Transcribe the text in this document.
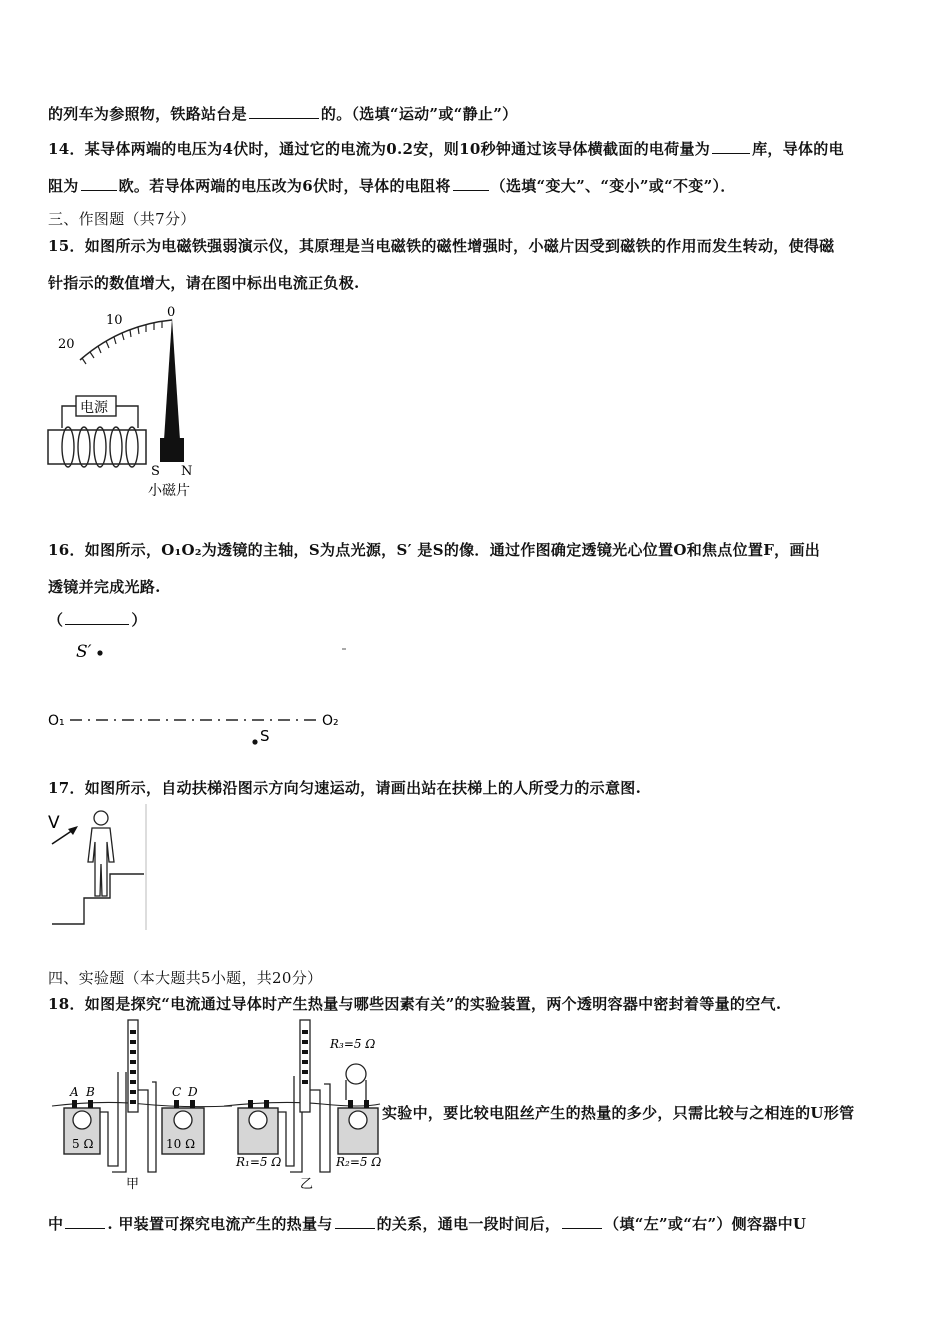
的列车为参照物，铁路站台是	的。（选填“运动”或“静止”）
14．某导体两端的电压为4伏时，通过它的电流为0.2安，则10秒钟通过该导体横截面的电荷量为	库，导体的电
阻为	欧。若导体两端的电压改为6伏时，导体的电阻将	（选填“变大”、“变小”或“不变”）．
三、作图题（共7分）
15．如图所示为电磁铁强弱演示仪，其原理是当电磁铁的磁性增强时，小磁片因受到磁铁的作用而发生转动，使得磁
针指示的数值增大，请在图中标出电流正负极.
20
10
0
S N
小磁片
电源
16．如图所示，O₁O₂为透镜的主轴，S为点光源，S′ 是S的像．通过作图确定透镜光心位置O和焦点位置F，画出
透镜并完成光路.
（	）
S′
O₁	O₂
S
17．如图所示，自动扶梯沿图示方向匀速运动，请画出站在扶梯上的人所受力的示意图.
V
四、实验题（本大题共5小题，共20分）
18．如图是探究“电流通过导体时产生热量与哪些因素有关”的实验装置，两个透明容器中密封着等量的空气.
5 Ω	10 Ω
A B	C D
甲
R₃=5 Ω
R₁=5 Ω	R₂=5 Ω
乙
实验中，要比较电阻丝产生的热量的多少，只需比较与之相连的U形管
中	. 甲装置可探究电流产生的热量与	的关系，通电一段时间后，	（填“左”或“右”）侧容器中U
